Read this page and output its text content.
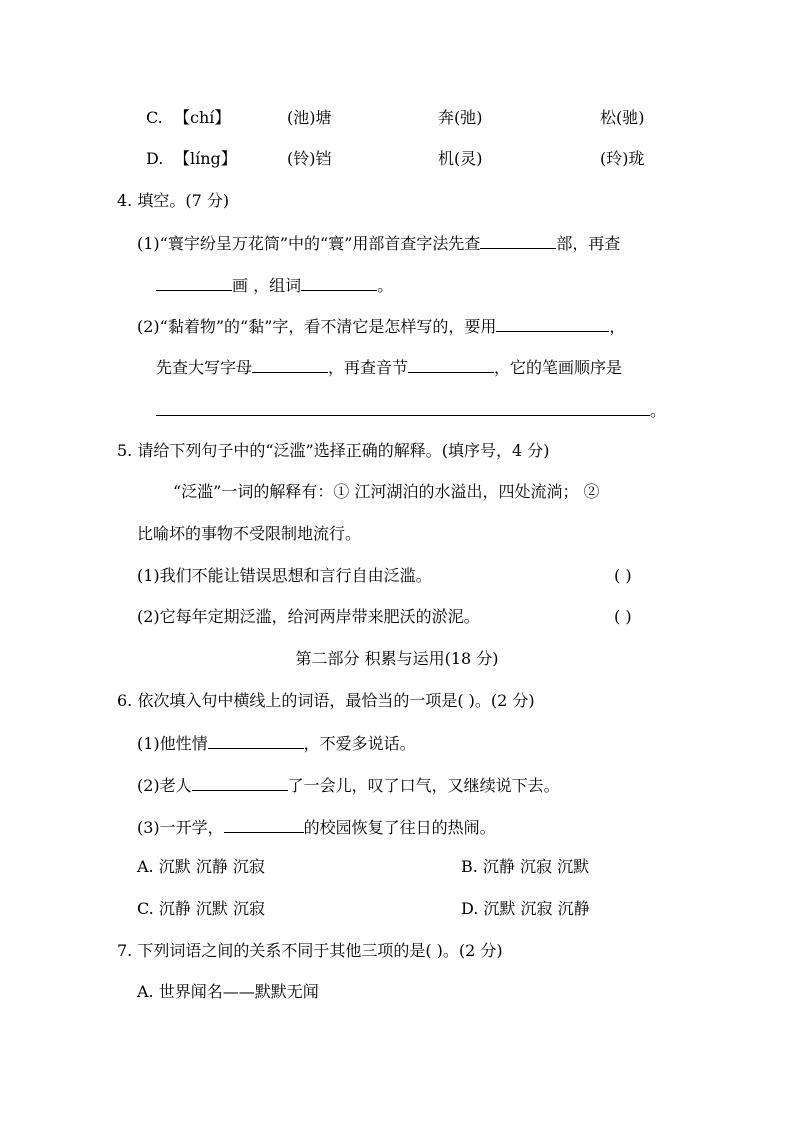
C. 【chí】	(池)塘	奔(弛)	松(驰)
D. 【líng】	(铃)铛	机(灵)	(玲)珑
4. 填空。(7 分)
(1)“寰宇纷呈万花筒”中的“寰”用部首查字法先查	部，再查
画 ，组词	。
(2)“黏着物”的“黏”字，看不清它是怎样写的，要用	，
先查大写字母	，再查音节	，它的笔画顺序是
。
5. 请给下列句子中的“泛滥”选择正确的解释。(填序号，4 分)
“泛滥”一词的解释有：① 江河湖泊的水溢出，四处流淌； ②
比喻坏的事物不受限制地流行。
(1)我们不能让错误思想和言行自由泛滥。	( )
(2)它每年定期泛滥，给河两岸带来肥沃的淤泥。	( )
第二部分 积累与运用(18 分)
6. 依次填入句中横线上的词语，最恰当的一项是( )。(2 分)
(1)他性情	，不爱多说话。
(2)老人	了一会儿，叹了口气，又继续说下去。
(3)一开学，	的校园恢复了往日的热闹。
A. 沉默 沉静 沉寂	B. 沉静 沉寂 沉默
C. 沉静 沉默 沉寂	D. 沉默 沉寂 沉静
7. 下列词语之间的关系不同于其他三项的是( )。(2 分)
A. 世界闻名——默默无闻
